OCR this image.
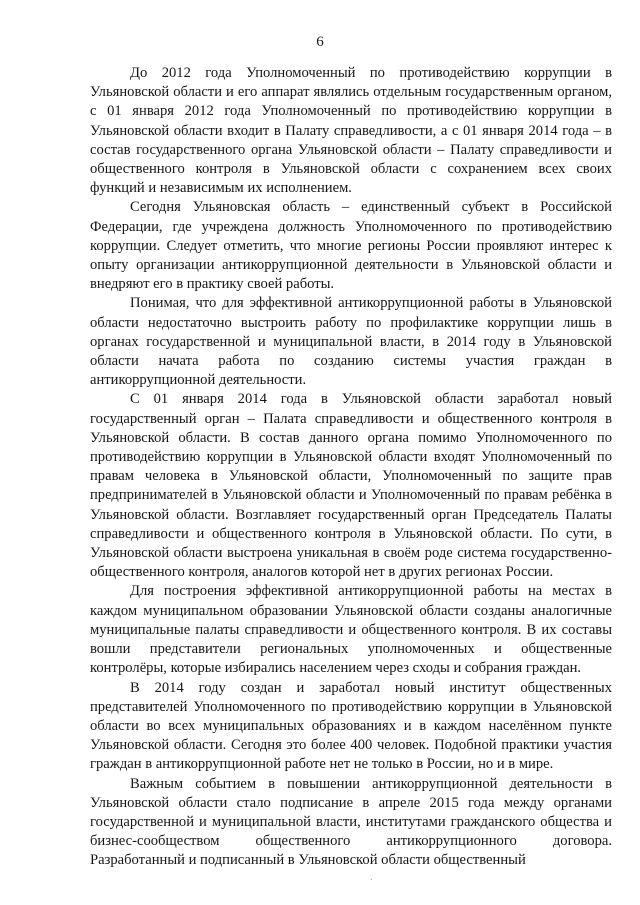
6

До 2012 года Уполномоченный по противодействию коррупции в Ульяновской области и его аппарат являлись отдельным государственным органом, с 01 января 2012 года Уполномоченный по противодействию коррупции в Ульяновской области входит в Палату справедливости, а с 01 января 2014 года – в состав государственного органа Ульяновской области – Палату справедливости и общественного контроля в Ульяновской области с сохранением всех своих функций и независимым их исполнением.

Сегодня Ульяновская область – единственный субъект в Российской Федерации, где учреждена должность Уполномоченного по противодействию коррупции. Следует отметить, что многие регионы России проявляют интерес к опыту организации антикоррупционной деятельности в Ульяновской области и внедряют его в практику своей работы.

Понимая, что для эффективной антикоррупционной работы в Ульяновской области недостаточно выстроить работу по профилактике коррупции лишь в органах государственной и муниципальной власти, в 2014 году в Ульяновской области начата работа по созданию системы участия граждан в антикоррупционной деятельности.

С 01 января 2014 года в Ульяновской области заработал новый государственный орган – Палата справедливости и общественного контроля в Ульяновской области. В состав данного органа помимо Уполномоченного по противодействию коррупции в Ульяновской области входят Уполномоченный по правам человека в Ульяновской области, Уполномоченный по защите прав предпринимателей в Ульяновской области и Уполномоченный по правам ребёнка в Ульяновской области. Возглавляет государственный орган Председатель Палаты справедливости и общественного контроля в Ульяновской области. По сути, в Ульяновской области выстроена уникальная в своём роде система государственно-общественного контроля, аналогов которой нет в других регионах России.

Для построения эффективной антикоррупционной работы на местах в каждом муниципальном образовании Ульяновской области созданы аналогичные муниципальные палаты справедливости и общественного контроля. В их составы вошли представители региональных уполномоченных и общественные контролёры, которые избирались населением через сходы и собрания граждан.

В 2014 году создан и заработал новый институт общественных представителей Уполномоченного по противодействию коррупции в Ульяновской области во всех муниципальных образованиях и в каждом населённом пункте Ульяновской области. Сегодня это более 400 человек. Подобной практики участия граждан в антикоррупционной работе нет не только в России, но и в мире.

Важным событием в повышении антикоррупционной деятельности в Ульяновской области стало подписание в апреле 2015 года между органами государственной и муниципальной власти, институтами гражданского общества и бизнес-сообществом общественного антикоррупционного договора. Разработанный и подписанный в Ульяновской области общественный

.
